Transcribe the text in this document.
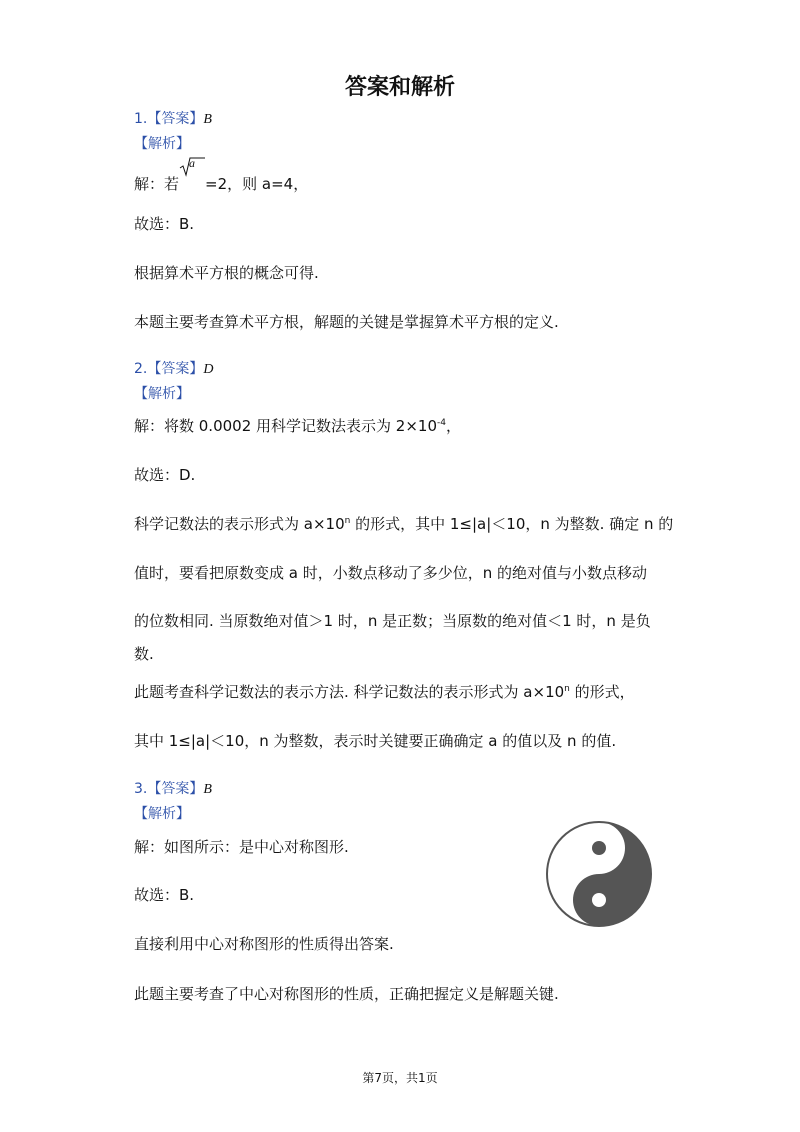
答案和解析
1.【答案】B
【解析】
解：若
a
=2，则 a=4，
故选：B.
根据算术平方根的概念可得.
本题主要考查算术平方根，解题的关键是掌握算术平方根的定义.
2.【答案】D
【解析】
解：将数 0.0002 用科学记数法表示为 $2\times 10^{-4}$，
故选：D.
科学记数法的表示形式为 $a\times 10^n$ 的形式，其中 1≤|a|＜10，n 为整数. 确定 n 的
值时，要看把原数变成 a 时，小数点移动了多少位，n 的绝对值与小数点移动
的位数相同. 当原数绝对值＞1 时，n 是正数；当原数的绝对值＜1 时，n 是负
数.
此题考查科学记数法的表示方法. 科学记数法的表示形式为 $a\times 10^n$ 的形式，
其中 1≤|a|＜10，n 为整数，表示时关键要正确确定 a 的值以及 n 的值.
3.【答案】B
【解析】
解：如图所示：是中心对称图形.
故选：B.
直接利用中心对称图形的性质得出答案.
此题主要考查了中心对称图形的性质，正确把握定义是解题关键.
第7页，共1页
